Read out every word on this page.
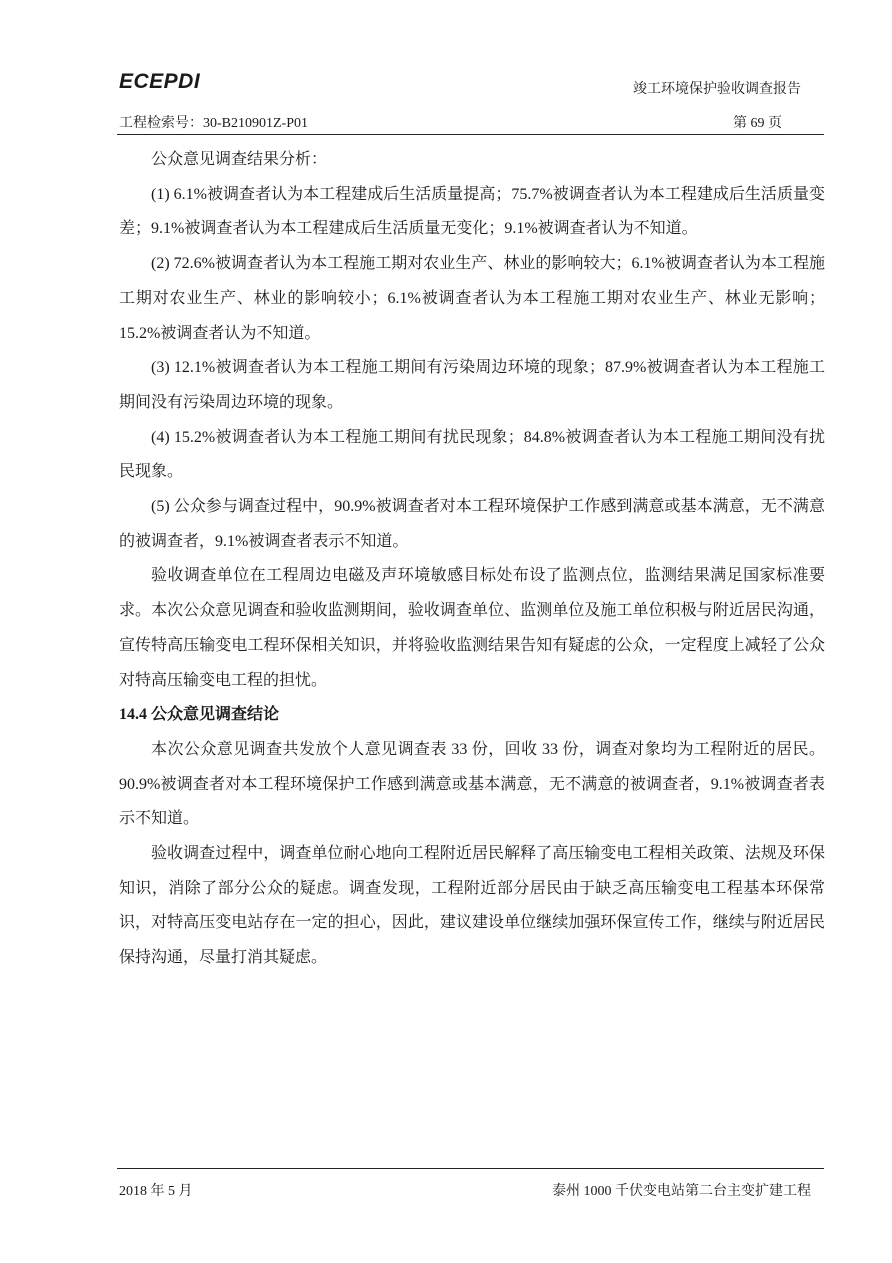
ECEPDI	竣工环境保护验收调查报告
工程检索号：30-B210901Z-P01	第 69 页

公众意见调查结果分析：

(1) 6.1%被调查者认为本工程建成后生活质量提高；75.7%被调查者认为本工程建成后生活质量变差；9.1%被调查者认为本工程建成后生活质量无变化；9.1%被调查者认为不知道。

(2) 72.6%被调查者认为本工程施工期对农业生产、林业的影响较大；6.1%被调查者认为本工程施工期对农业生产、林业的影响较小；6.1%被调查者认为本工程施工期对农业生产、林业无影响；15.2%被调查者认为不知道。

(3) 12.1%被调查者认为本工程施工期间有污染周边环境的现象；87.9%被调查者认为本工程施工期间没有污染周边环境的现象。

(4) 15.2%被调查者认为本工程施工期间有扰民现象；84.8%被调查者认为本工程施工期间没有扰民现象。

(5) 公众参与调查过程中，90.9%被调查者对本工程环境保护工作感到满意或基本满意，无不满意的被调查者，9.1%被调查者表示不知道。

验收调查单位在工程周边电磁及声环境敏感目标处布设了监测点位，监测结果满足国家标准要求。本次公众意见调查和验收监测期间，验收调查单位、监测单位及施工单位积极与附近居民沟通，宣传特高压输变电工程环保相关知识，并将验收监测结果告知有疑虑的公众，一定程度上减轻了公众对特高压输变电工程的担忧。

14.4 公众意见调查结论

本次公众意见调查共发放个人意见调查表 33 份，回收 33 份，调查对象均为工程附近的居民。90.9%被调查者对本工程环境保护工作感到满意或基本满意，无不满意的被调查者，9.1%被调查者表示不知道。

验收调查过程中，调查单位耐心地向工程附近居民解释了高压输变电工程相关政策、法规及环保知识，消除了部分公众的疑虑。调查发现，工程附近部分居民由于缺乏高压输变电工程基本环保常识，对特高压变电站存在一定的担心，因此，建议建设单位继续加强环保宣传工作，继续与附近居民保持沟通，尽量打消其疑虑。

2018 年 5 月	泰州 1000 千伏变电站第二台主变扩建工程
